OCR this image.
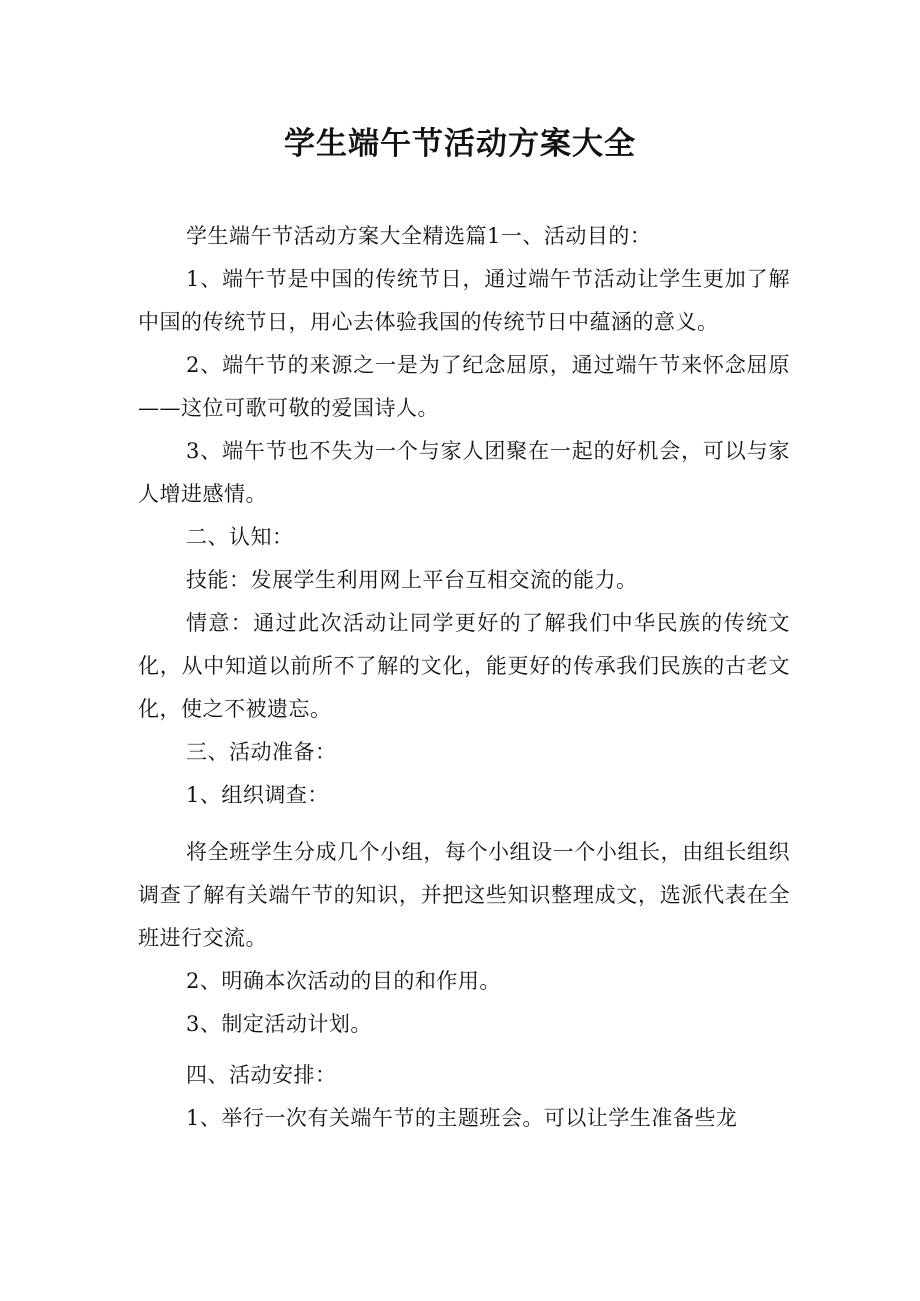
学生端午节活动方案大全

学生端午节活动方案大全精选篇1一、活动目的：

1、端午节是中国的传统节日，通过端午节活动让学生更加了解中国的传统节日，用心去体验我国的传统节日中蕴涵的意义。

2、端午节的来源之一是为了纪念屈原，通过端午节来怀念屈原——这位可歌可敬的爱国诗人。

3、端午节也不失为一个与家人团聚在一起的好机会，可以与家人增进感情。

二、认知：

技能：发展学生利用网上平台互相交流的能力。

情意：通过此次活动让同学更好的了解我们中华民族的传统文化，从中知道以前所不了解的文化，能更好的传承我们民族的古老文化，使之不被遗忘。

三、活动准备：

1、组织调查：

将全班学生分成几个小组，每个小组设一个小组长，由组长组织调查了解有关端午节的知识，并把这些知识整理成文，选派代表在全班进行交流。

2、明确本次活动的目的和作用。

3、制定活动计划。

四、活动安排：

1、举行一次有关端午节的主题班会。可以让学生准备些龙
